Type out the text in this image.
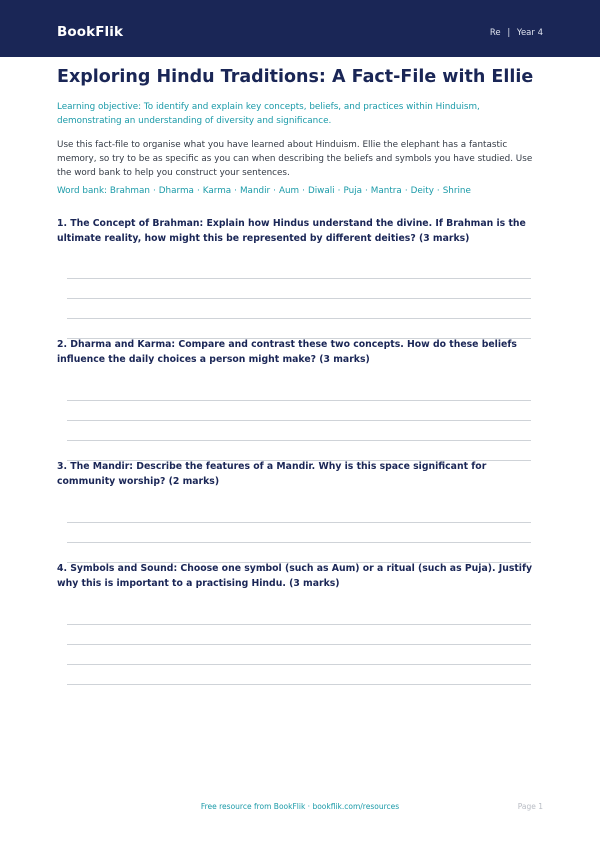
BookFlik	Re | Year 4
Exploring Hindu Traditions: A Fact-File with Ellie

Learning objective: To identify and explain key concepts, beliefs, and practices within Hinduism, demonstrating an understanding of diversity and significance.

Use this fact-file to organise what you have learned about Hinduism. Ellie the elephant has a fantastic memory, so try to be as specific as you can when describing the beliefs and symbols you have studied. Use the word bank to help you construct your sentences.

Word bank: Brahman · Dharma · Karma · Mandir · Aum · Diwali · Puja · Mantra · Deity · Shrine

1. The Concept of Brahman: Explain how Hindus understand the divine. If Brahman is the ultimate reality, how might this be represented by different deities? (3 marks)

2. Dharma and Karma: Compare and contrast these two concepts. How do these beliefs influence the daily choices a person might make? (3 marks)

3. The Mandir: Describe the features of a Mandir. Why is this space significant for community worship? (2 marks)

4. Symbols and Sound: Choose one symbol (such as Aum) or a ritual (such as Puja). Justify why this is important to a practising Hindu. (3 marks)

Free resource from BookFlik · bookflik.com/resources	Page 1
